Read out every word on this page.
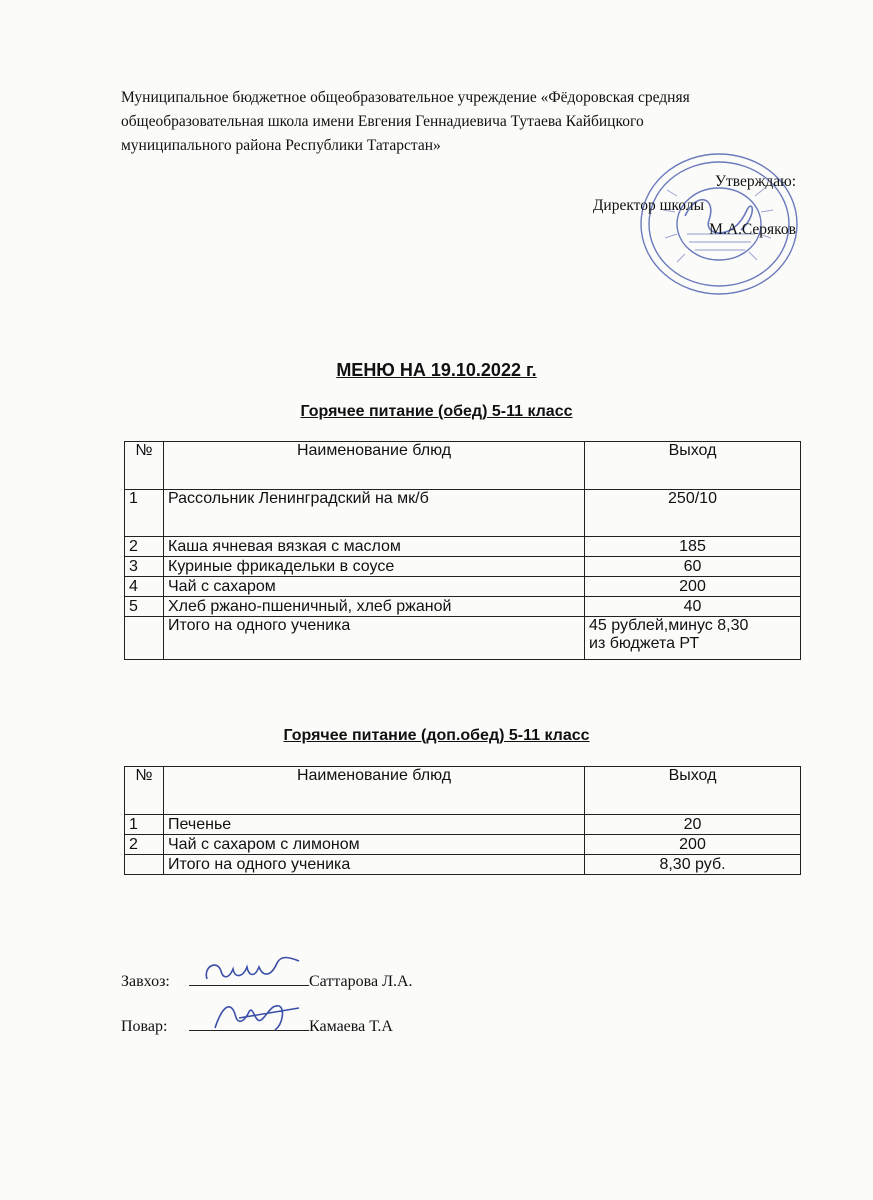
Муниципальное бюджетное общеобразовательное учреждение «Фёдоровская средняя
общеобразовательная школа имени Евгения Геннадиевича Тутаева Кайбицкого
муниципального района Республики Татарстан»
Утверждаю:
Директор школы
М.А.Серяков
МЕНЮ НА 19.10.2022 г.
Горячее питание (обед) 5-11 класс
№	Наименование блюд	Выход
1	Рассольник Ленинградский на мк/б	250/10
2	Каша ячневая вязкая с маслом	185
3	Куриные фрикадельки в соусе	60
4	Чай с сахаром	200
5	Хлеб ржано-пшеничный, хлеб ржаной	40
	Итого на одного ученика	45 рублей,минус 8,30
из бюджета РТ
Горячее питание (доп.обед) 5-11 класс
№	Наименование блюд	Выход
1	Печенье	20
2	Чай с сахаром с лимоном	200
	Итого на одного ученика	8,30 руб.
Завхоз:	Саттарова Л.А.
Повар:	Камаева Т.А
